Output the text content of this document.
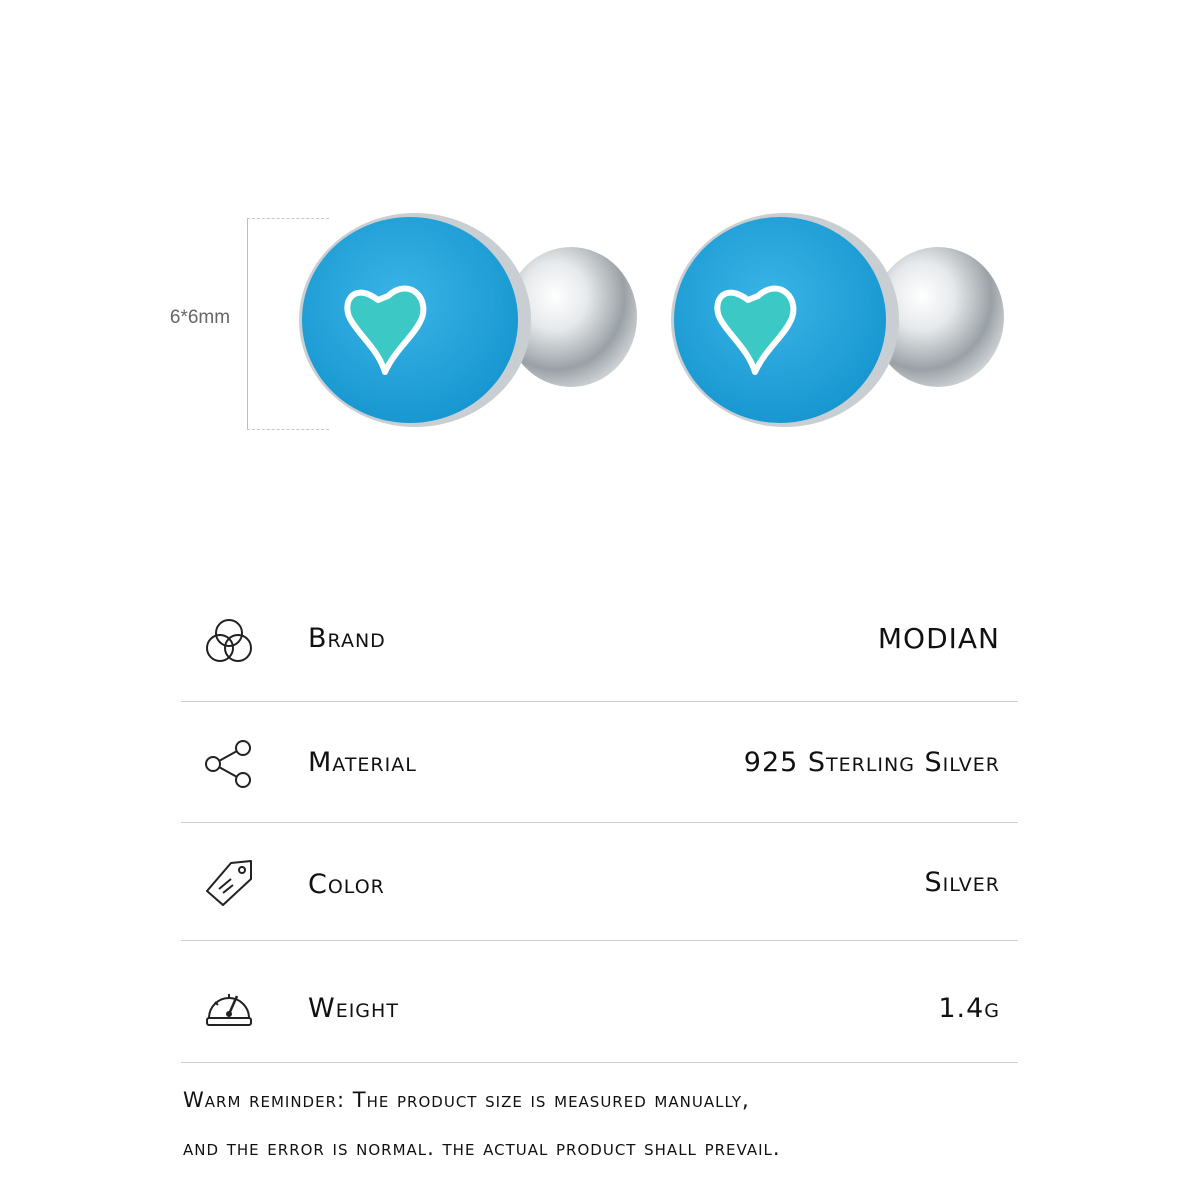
6*6mm
Brand	MODIAN
Material	925 Sterling Silver
Color	Silver
Weight	1.4g
Warm reminder: The product size is measured manually,
and the error is normal. the actual product shall prevail.
